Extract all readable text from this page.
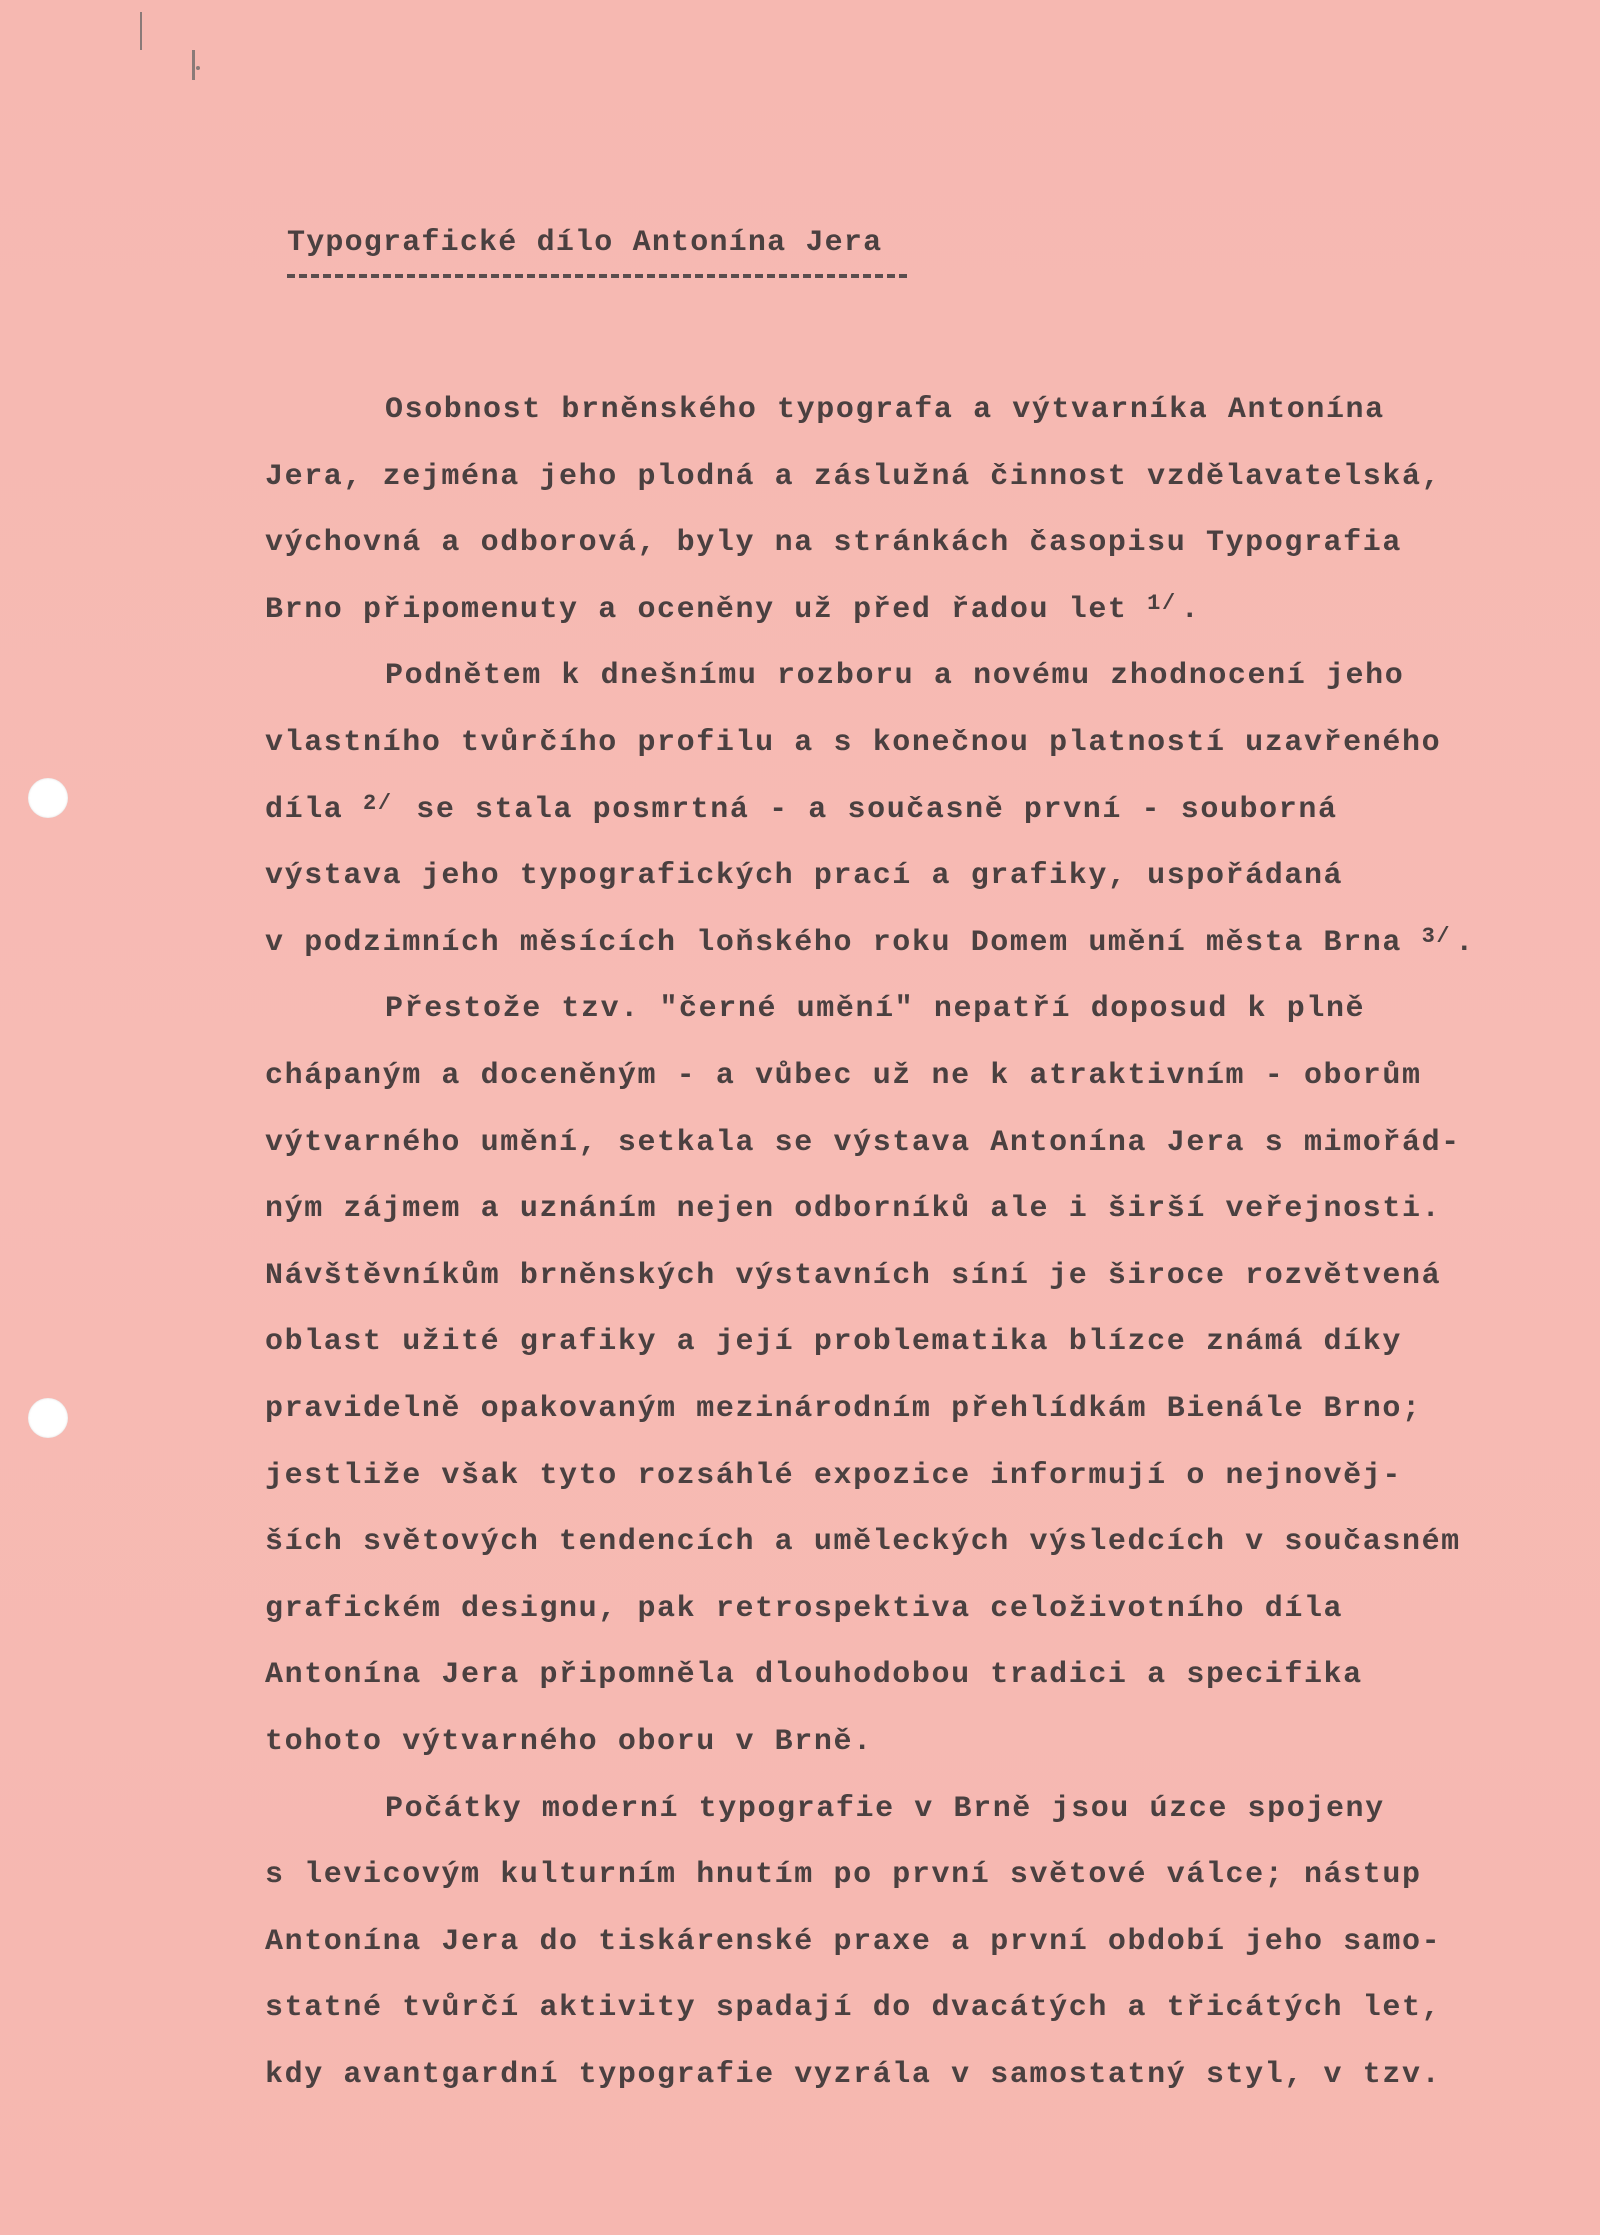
Typografické dílo Antonína Jera
Osobnost brněnského typografa a výtvarníka Antonína
Jera, zejména jeho plodná a záslužná činnost vzdělavatelská,
výchovná a odborová, byly na stránkách časopisu Typografia
Brno připomenuty a oceněny už před řadou let $^{1/}$ .
Podnětem k dnešnímu rozboru a novému zhodnocení jeho
vlastního tvůrčího profilu a s konečnou platností uzavřeného
díla $^{2/}$ se stala posmrtná - a současně první - souborná
výstava jeho typografických prací a grafiky, uspořádaná
v podzimních měsících loňského roku Domem umění města Brna $^{3/}$ .
Přestože tzv. "černé umění" nepatří doposud k plně
chápaným a doceněným - a vůbec už ne k atraktivním - oborům
výtvarného umění, setkala se výstava Antonína Jera s mimořád-
ným zájmem a uznáním nejen odborníků ale i širší veřejnosti.
Návštěvníkům brněnských výstavních síní je široce rozvětvená
oblast užité grafiky a její problematika blízce známá díky
pravidelně opakovaným mezinárodním přehlídkám Bienále Brno;
jestliže však tyto rozsáhlé expozice informují o nejnověj-
ších světových tendencích a uměleckých výsledcích v současném
grafickém designu, pak retrospektiva celoživotního díla
Antonína Jera připomněla dlouhodobou tradici a specifika
tohoto výtvarného oboru v Brně.
Počátky moderní typografie v Brně jsou úzce spojeny
s levicovým kulturním hnutím po první světové válce; nástup
Antonína Jera do tiskárenské praxe a první období jeho samo-
statné tvůrčí aktivity spadají do dvacátých a třicátých let,
kdy avantgardní typografie vyzrála v samostatný styl, v tzv.
